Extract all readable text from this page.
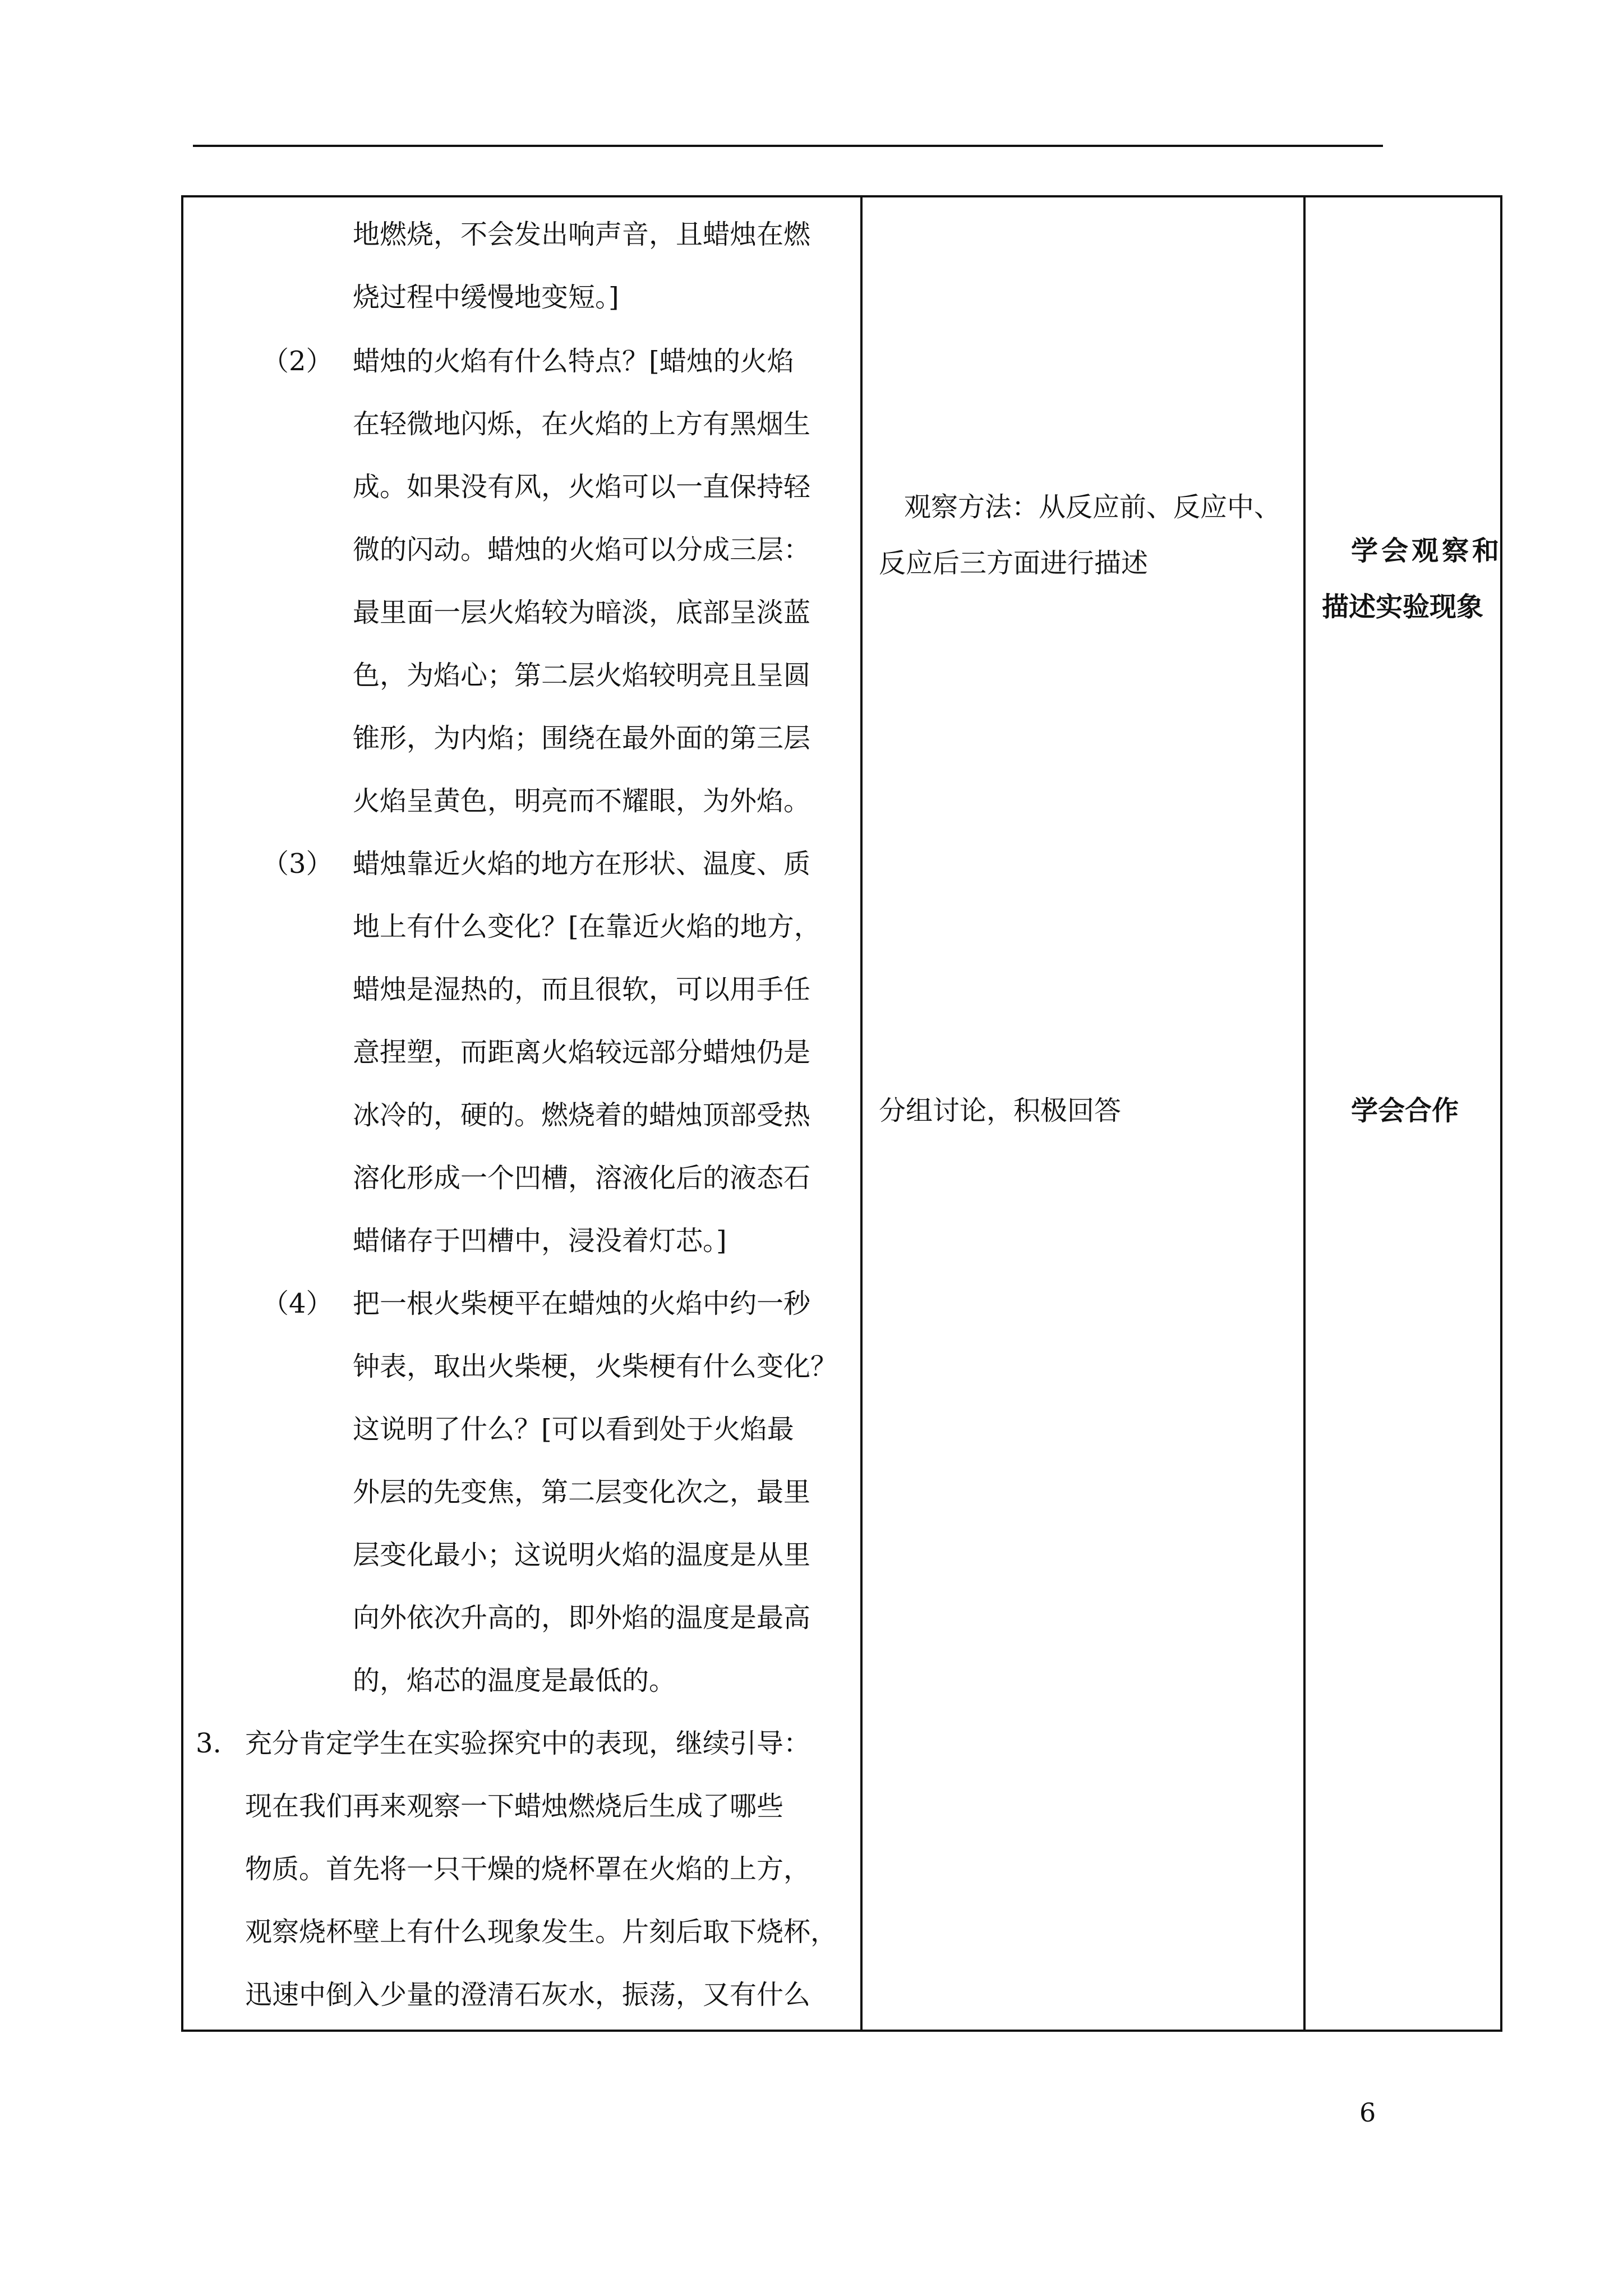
地燃烧，不会发出响声音，且蜡烛在燃
烧过程中缓慢地变短。]
（2） 蜡烛的火焰有什么特点？[蜡烛的火焰
在轻微地闪烁，在火焰的上方有黑烟生
成。如果没有风，火焰可以一直保持轻
微的闪动。蜡烛的火焰可以分成三层：
最里面一层火焰较为暗淡，底部呈淡蓝
色，为焰心；第二层火焰较明亮且呈圆
锥形，为内焰；围绕在最外面的第三层
火焰呈黄色，明亮而不耀眼，为外焰。
（3） 蜡烛靠近火焰的地方在形状、温度、质
地上有什么变化？[在靠近火焰的地方，
蜡烛是湿热的，而且很软，可以用手任
意捏塑，而距离火焰较远部分蜡烛仍是
冰冷的，硬的。燃烧着的蜡烛顶部受热
溶化形成一个凹槽，溶液化后的液态石
蜡储存于凹槽中，浸没着灯芯。]
（4） 把一根火柴梗平在蜡烛的火焰中约一秒
钟表，取出火柴梗，火柴梗有什么变化？
这说明了什么？[可以看到处于火焰最
外层的先变焦，第二层变化次之，最里
层变化最小；这说明火焰的温度是从里
向外依次升高的，即外焰的温度是最高
的，焰芯的温度是最低的。
3. 充分肯定学生在实验探究中的表现，继续引导：
现在我们再来观察一下蜡烛燃烧后生成了哪些
物质。首先将一只干燥的烧杯罩在火焰的上方，
观察烧杯壁上有什么现象发生。片刻后取下烧杯，
迅速中倒入少量的澄清石灰水，振荡，又有什么
观察方法：从反应前、反应中、
反应后三方面进行描述
分组讨论，积极回答
学会观察和
描述实验现象
学会合作
6
